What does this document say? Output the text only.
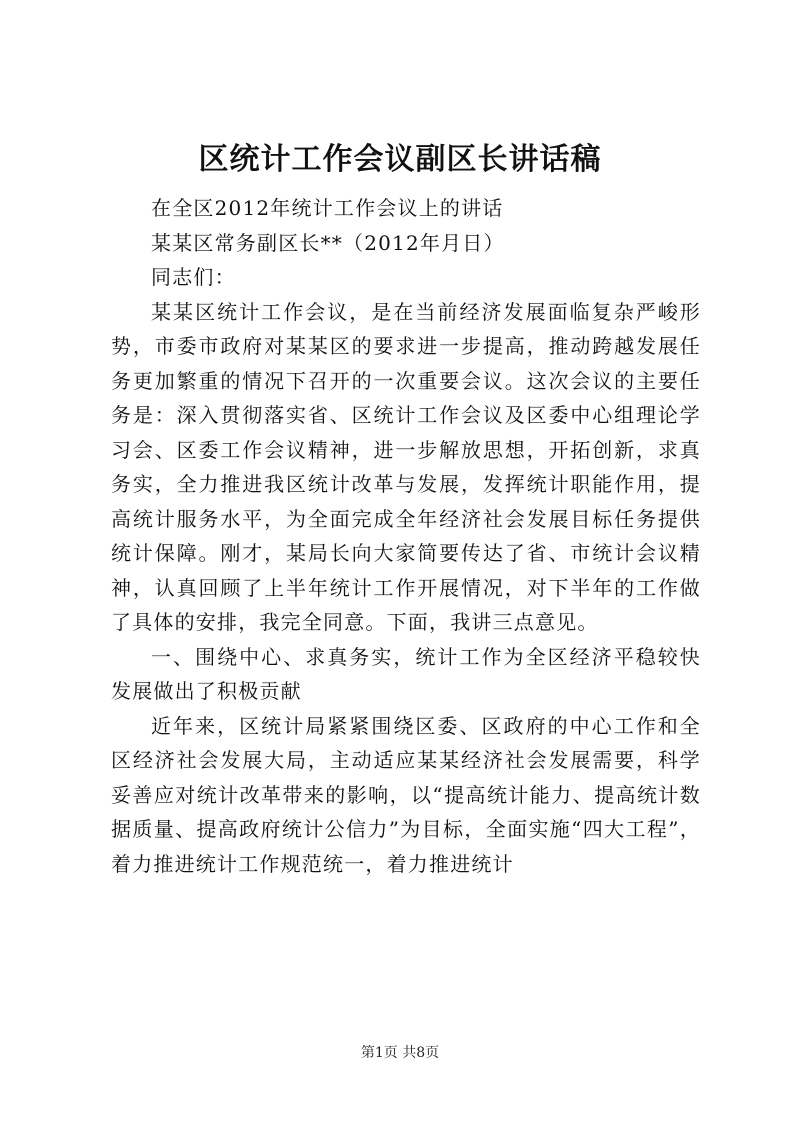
区统计工作会议副区长讲话稿

在全区2012年统计工作会议上的讲话

某某区常务副区长**（2012年月日）

同志们：

某某区统计工作会议，是在当前经济发展面临复杂严峻形势，市委市政府对某某区的要求进一步提高，推动跨越发展任务更加繁重的情况下召开的一次重要会议。这次会议的主要任务是：深入贯彻落实省、区统计工作会议及区委中心组理论学习会、区委工作会议精神，进一步解放思想，开拓创新，求真务实，全力推进我区统计改革与发展，发挥统计职能作用，提高统计服务水平，为全面完成全年经济社会发展目标任务提供统计保障。刚才，某局长向大家简要传达了省、市统计会议精神，认真回顾了上半年统计工作开展情况，对下半年的工作做了具体的安排，我完全同意。下面，我讲三点意见。

一、围绕中心、求真务实，统计工作为全区经济平稳较快发展做出了积极贡献

近年来，区统计局紧紧围绕区委、区政府的中心工作和全区经济社会发展大局，主动适应某某经济社会发展需要，科学妥善应对统计改革带来的影响，以“提高统计能力、提高统计数据质量、提高政府统计公信力”为目标，全面实施“四大工程”，着力推进统计工作规范统一，着力推进统计

第1页 共8页
